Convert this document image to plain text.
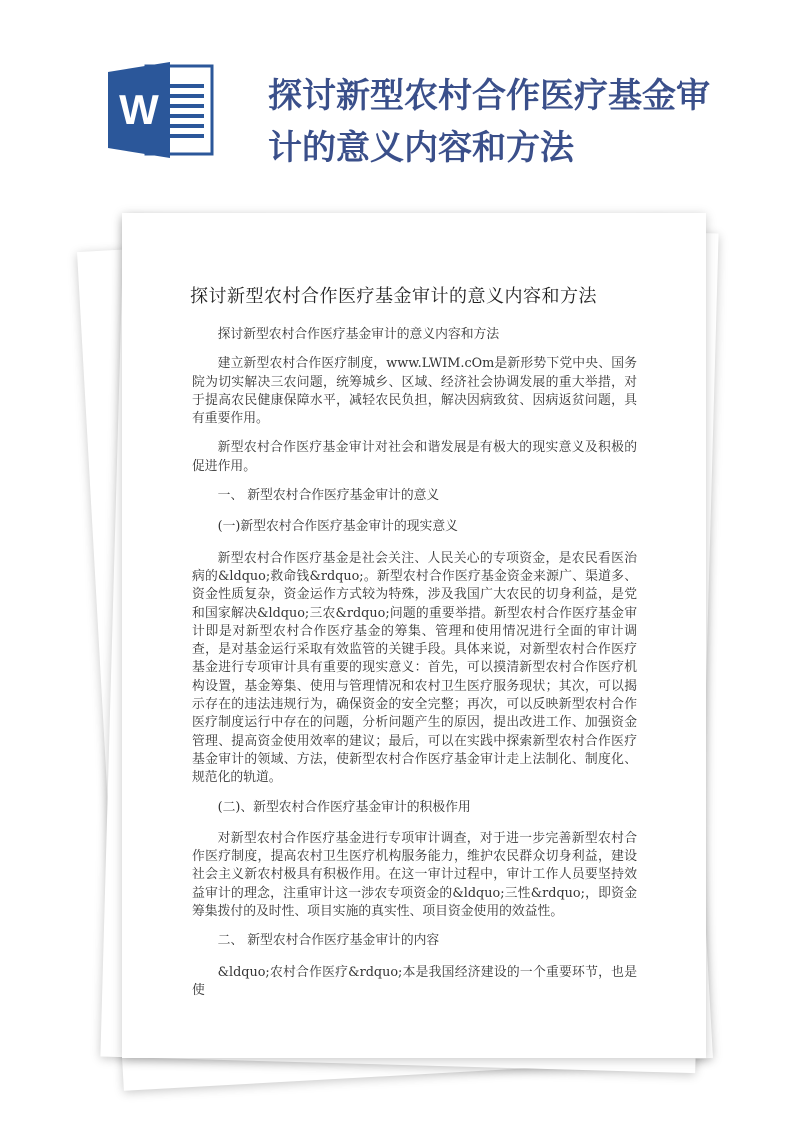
W	探讨新型农村合作医疗基金审计的意义内容和方法
探讨新型农村合作医疗基金审计的意义内容和方法

探讨新型农村合作医疗基金审计的意义内容和方法

建立新型农村合作医疗制度，www.LWIM.cOm是新形势下党中央、国务院为切实解决三农问题，统筹城乡、区域、经济社会协调发展的重大举措，对于提高农民健康保障水平，减轻农民负担，解决因病致贫、因病返贫问题，具有重要作用。

新型农村合作医疗基金审计对社会和谐发展是有极大的现实意义及积极的促进作用。

一、 新型农村合作医疗基金审计的意义

(一)新型农村合作医疗基金审计的现实意义

新型农村合作医疗基金是社会关注、人民关心的专项资金，是农民看医治病的&ldquo;救命钱&rdquo;。新型农村合作医疗基金资金来源广、渠道多、资金性质复杂，资金运作方式较为特殊，涉及我国广大农民的切身利益，是党和国家解决&ldquo;三农&rdquo;问题的重要举措。新型农村合作医疗基金审计即是对新型农村合作医疗基金的筹集、管理和使用情况进行全面的审计调查，是对基金运行采取有效监管的关键手段。具体来说，对新型农村合作医疗基金进行专项审计具有重要的现实意义：首先，可以摸清新型农村合作医疗机构设置，基金筹集、使用与管理情况和农村卫生医疗服务现状；其次，可以揭示存在的违法违规行为，确保资金的安全完整；再次，可以反映新型农村合作医疗制度运行中存在的问题，分析问题产生的原因，提出改进工作、加强资金管理、提高资金使用效率的建议；最后，可以在实践中探索新型农村合作医疗基金审计的领域、方法，使新型农村合作医疗基金审计走上法制化、制度化、规范化的轨道。

(二)、新型农村合作医疗基金审计的积极作用

对新型农村合作医疗基金进行专项审计调查，对于进一步完善新型农村合作医疗制度，提高农村卫生医疗机构服务能力，维护农民群众切身利益，建设社会主义新农村极具有积极作用。在这一审计过程中，审计工作人员要坚持效益审计的理念，注重审计这一涉农专项资金的&ldquo;三性&rdquo;，即资金筹集拨付的及时性、项目实施的真实性、项目资金使用的效益性。

二、 新型农村合作医疗基金审计的内容

&ldquo;农村合作医疗&rdquo;本是我国经济建设的一个重要环节，也是使
